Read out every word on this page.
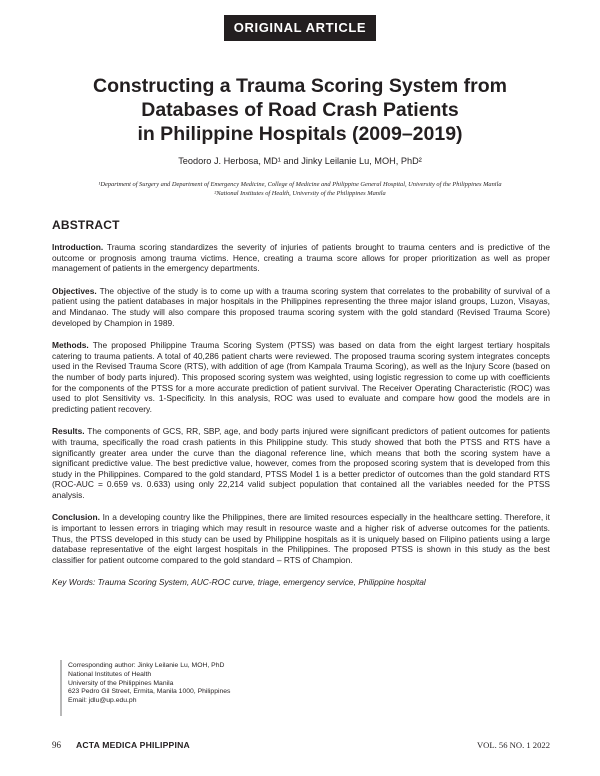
ORIGINAL ARTICLE
Constructing a Trauma Scoring System from
Databases of Road Crash Patients
in Philippine Hospitals (2009–2019)
Teodoro J. Herbosa, MD¹ and Jinky Leilanie Lu, MOH, PhD²
¹Department of Surgery and Department of Emergency Medicine, College of Medicine and Philippine General Hospital, University of the Philippines Manila
²National Institutes of Health, University of the Philippines Manila
ABSTRACT

Introduction. Trauma scoring standardizes the severity of injuries of patients brought to trauma centers and is predictive of the outcome or prognosis among trauma victims. Hence, creating a trauma score allows for proper prioritization as well as proper management of patients in the emergency departments.

Objectives. The objective of the study is to come up with a trauma scoring system that correlates to the probability of survival of a patient using the patient databases in major hospitals in the Philippines representing the three major island groups, Luzon, Visayas, and Mindanao. The study will also compare this proposed trauma scoring system with the gold standard (Revised Trauma Score) developed by Champion in 1989.

Methods. The proposed Philippine Trauma Scoring System (PTSS) was based on data from the eight largest tertiary hospitals catering to trauma patients. A total of 40,286 patient charts were reviewed. The proposed trauma scoring system integrates concepts used in the Revised Trauma Score (RTS), with addition of age (from Kampala Trauma Scoring), as well as the Injury Score (based on the number of body parts injured). This proposed scoring system was weighted, using logistic regression to come up with coefficients for the components of the PTSS for a more accurate prediction of patient survival. The Receiver Operating Characteristic (ROC) was used to plot Sensitivity vs. 1-Specificity. In this analysis, ROC was used to evaluate and compare how good the models are in predicting patient recovery.

Results. The components of GCS, RR, SBP, age, and body parts injured were significant predictors of patient outcomes for patients with trauma, specifically the road crash patients in this Philippine study. This study showed that both the PTSS and RTS have a significantly greater area under the curve than the diagonal reference line, which means that both the scoring system have a significant predictive value. The best predictive value, however, comes from the proposed scoring system that is developed from this study in the Philippines. Compared to the gold standard, PTSS Model 1 is a better predictor of outcomes than the gold standard RTS (ROC-AUC = 0.659 vs. 0.633) using only 22,214 valid subject population that contained all the variables needed for the PTSS analysis.

Conclusion. In a developing country like the Philippines, there are limited resources especially in the healthcare setting. Therefore, it is important to lessen errors in triaging which may result in resource waste and a higher risk of adverse outcomes for the patients. Thus, the PTSS developed in this study can be used by Philippine hospitals as it is uniquely based on Filipino patients using a large database representative of the eight largest hospitals in the Philippines. The proposed PTSS is shown in this study as the best classifier for patient outcome compared to the gold standard – RTS of Champion.

Key Words: Trauma Scoring System, AUC-ROC curve, triage, emergency service, Philippine hospital

Corresponding author: Jinky Leilanie Lu, MOH, PhD
National Institutes of Health
University of the Philippines Manila
623 Pedro Gil Street, Ermita, Manila 1000, Philippines
Email: jdlu@up.edu.ph
96 ACTA MEDICA PHILIPPINA	VOL. 56 NO. 1 2022
